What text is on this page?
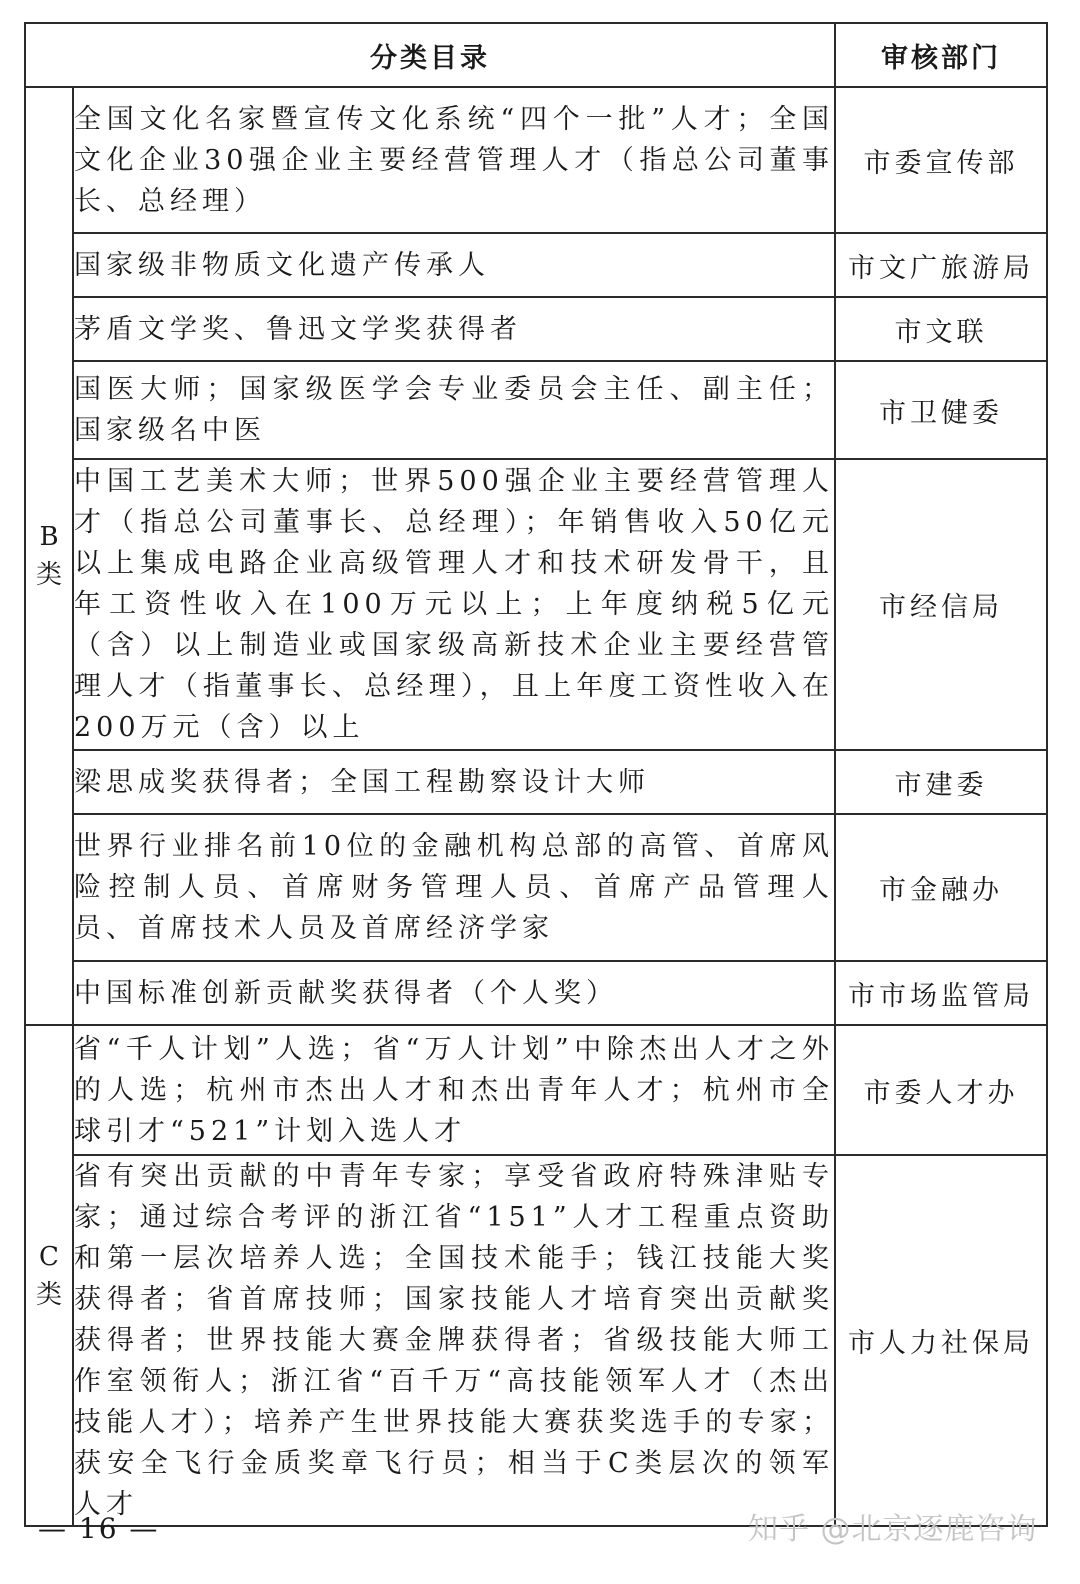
分类目录		审核部门

B
类	全国文化名家暨宣传文化系统“四个一批”人才；全国文化企业30强企业主要经营管理人才（指总公司董事长、总经理）	市委宣传部
	国家级非物质文化遗产传承人	市文广旅游局
	茅盾文学奖、鲁迅文学奖获得者	市文联
	国医大师；国家级医学会专业委员会主任、副主任；国家级名中医	市卫健委
	中国工艺美术大师；世界500强企业主要经营管理人才（指总公司董事长、总经理）；年销售收入50亿元以上集成电路企业高级管理人才和技术研发骨干，且年工资性收入在100万元以上；上年度纳税5亿元（含）以上制造业或国家级高新技术企业主要经营管理人才（指董事长、总经理），且上年度工资性收入在200万元（含）以上	市经信局
	梁思成奖获得者；全国工程勘察设计大师	市建委
	世界行业排名前10位的金融机构总部的高管、首席风险控制人员、首席财务管理人员、首席产品管理人员、首席技术人员及首席经济学家	市金融办
	中国标准创新贡献奖获得者（个人奖）	市市场监管局

C
类	省“千人计划”人选；省“万人计划”中除杰出人才之外的人选；杭州市杰出人才和杰出青年人才；杭州市全球引才“521”计划入选人才	市委人才办
	省有突出贡献的中青年专家；享受省政府特殊津贴专家；通过综合考评的浙江省“151”人才工程重点资助和第一层次培养人选；全国技术能手；钱江技能大奖获得者；省首席技师；国家技能人才培育突出贡献奖获得者；世界技能大赛金牌获得者；省级技能大师工作室领衔人；浙江省“百千万“高技能领军人才（杰出技能人才）；培养产生世界技能大赛获奖选手的专家；获安全飞行金质奖章飞行员；相当于C类层次的领军人才	市人力社保局
— 16 —	知乎 @北京逐鹿咨询
